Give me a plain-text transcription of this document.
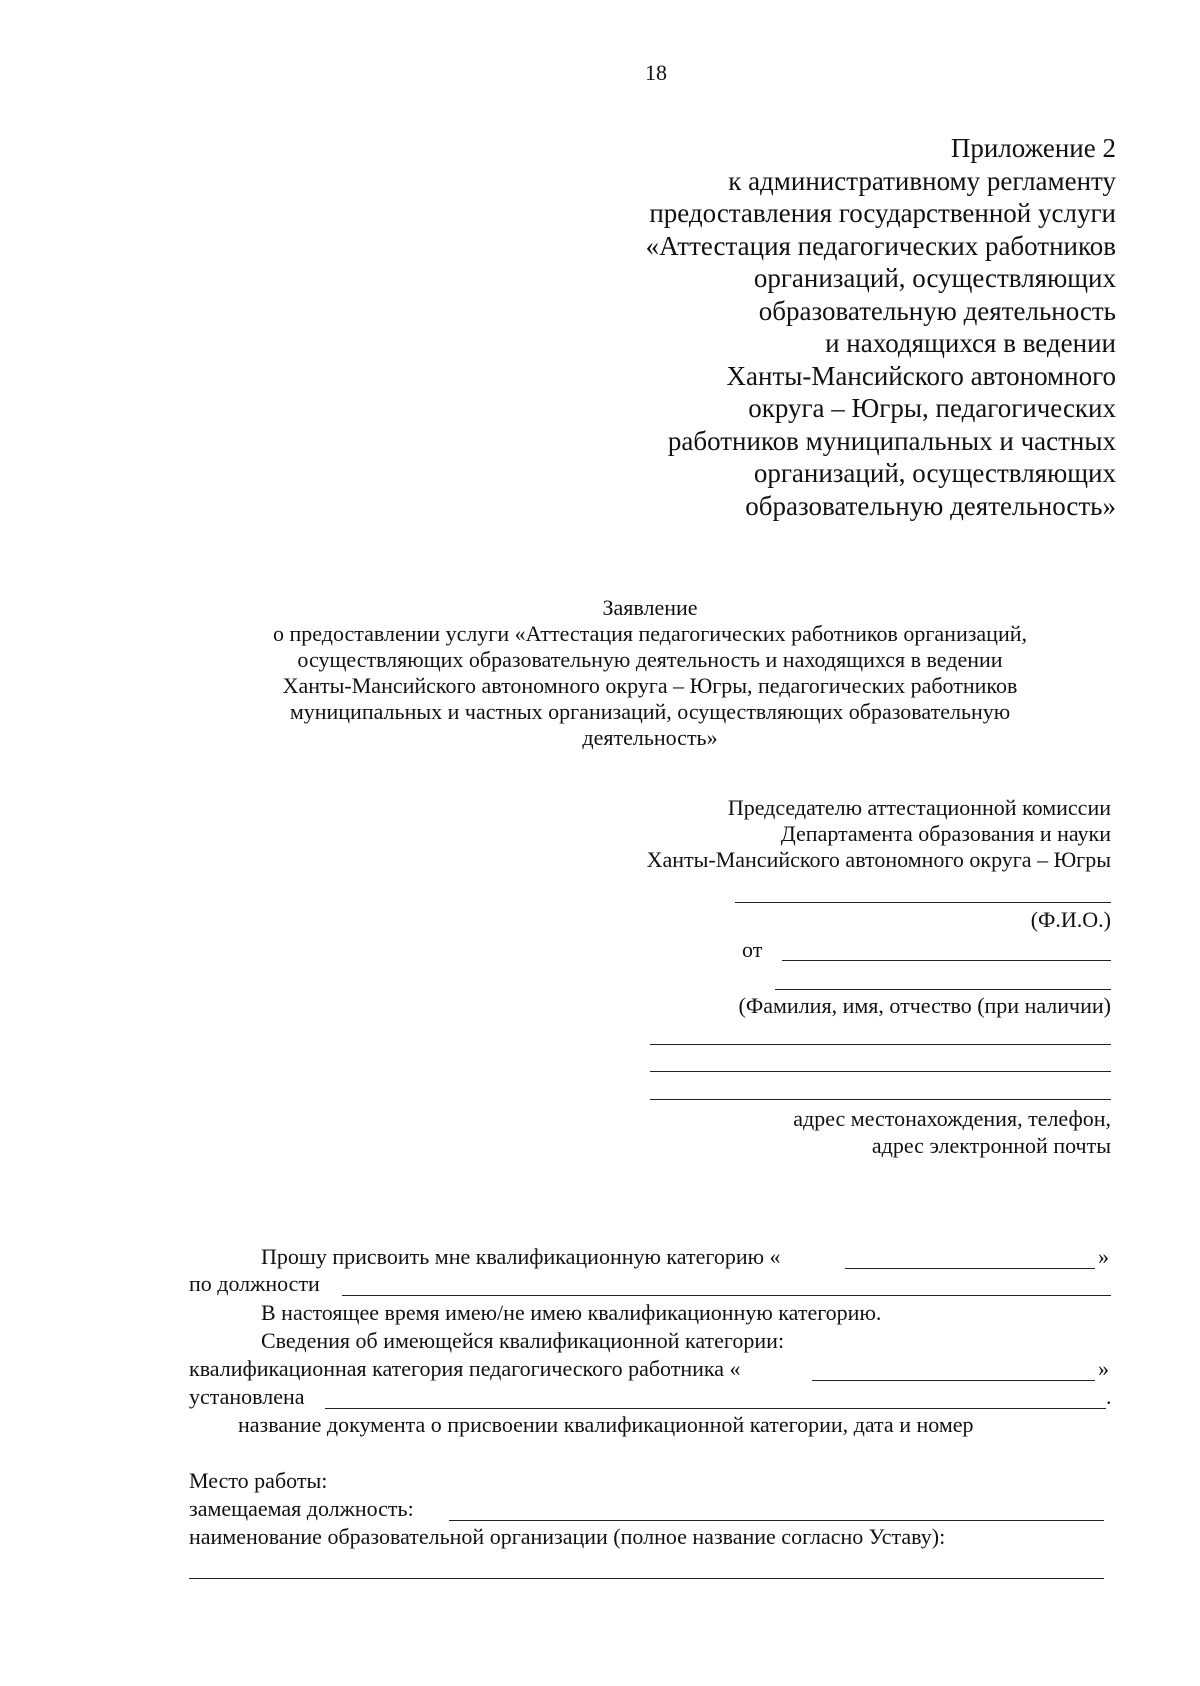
18
Приложение 2
к административному регламенту
предоставления государственной услуги
«Аттестация педагогических работников
организаций, осуществляющих
образовательную деятельность
и находящихся в ведении
Ханты-Мансийского автономного
округа – Югры, педагогических
работников муниципальных и частных
организаций, осуществляющих
образовательную деятельность»
Заявление
о предоставлении услуги «Аттестация педагогических работников организаций,
осуществляющих образовательную деятельность и находящихся в ведении
Ханты-Мансийского автономного округа – Югры, педагогических работников
муниципальных и частных организаций, осуществляющих образовательную
деятельность»
Председателю аттестационной комиссии
Департамента образования и науки
Ханты-Мансийского автономного округа – Югры
(Ф.И.О.)
от
(Фамилия, имя, отчество (при наличии)
адрес местонахождения, телефон,
адрес электронной почты
Прошу присвоить мне квалификационную категорию «	»
по должности
В настоящее время имею/не имею квалификационную категорию.
Сведения об имеющейся квалификационной категории:
квалификационная категория педагогического работника «	»
установлена	.
название документа о присвоении квалификационной категории, дата и номер
Место работы:
замещаемая должность:
наименование образовательной организации (полное название согласно Уставу):
